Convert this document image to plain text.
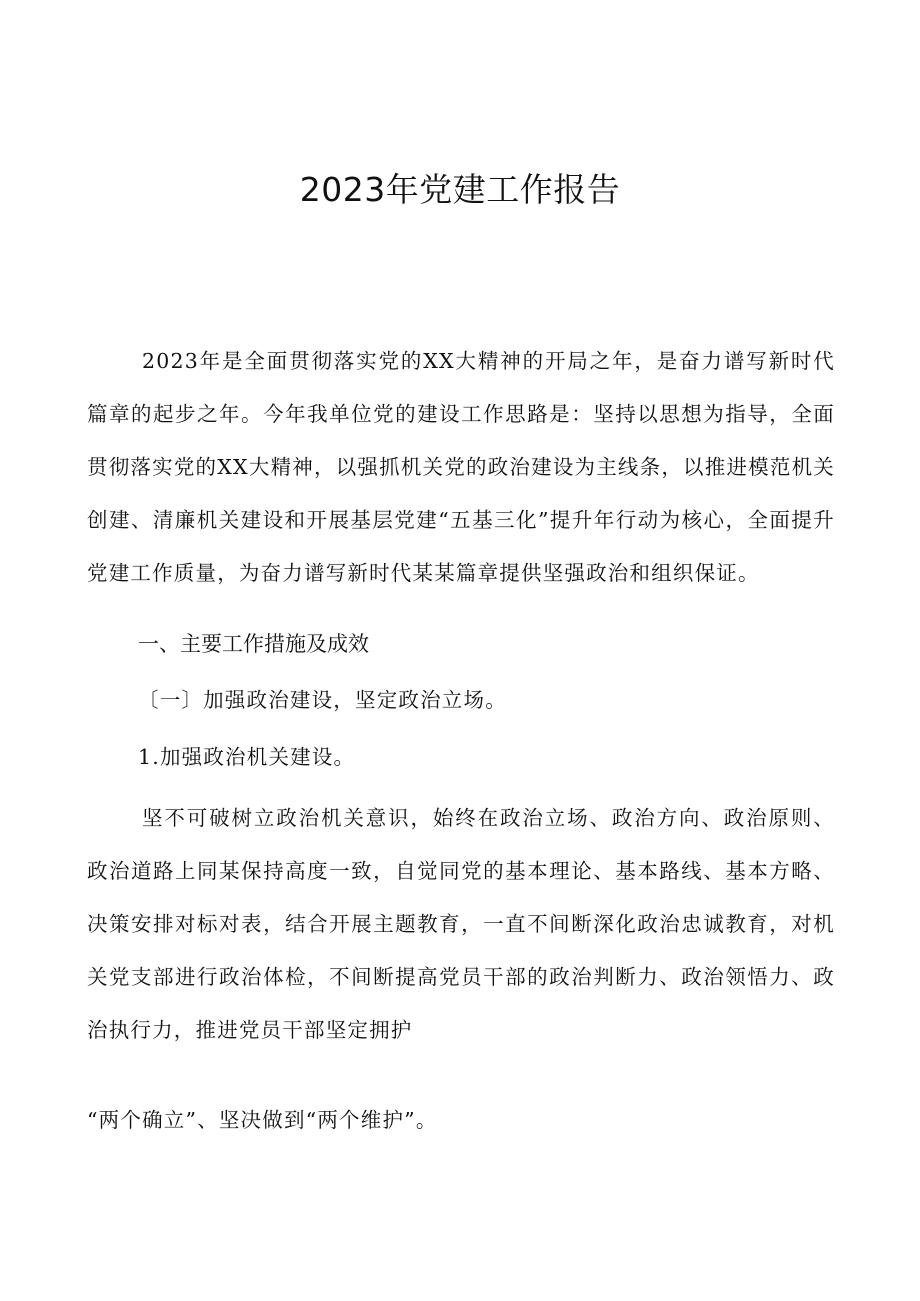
2023年党建工作报告

2023年是全面贯彻落实党的XX大精神的开局之年，是奋力谱写新时代篇章的起步之年。今年我单位党的建设工作思路是：坚持以思想为指导，全面贯彻落实党的XX大精神，以强抓机关党的政治建设为主线条，以推进模范机关创建、清廉机关建设和开展基层党建“五基三化”提升年行动为核心，全面提升党建工作质量，为奋力谱写新时代某某篇章提供坚强政治和组织保证。

一、主要工作措施及成效

〔一〕加强政治建设，坚定政治立场。

1.加强政治机关建设。

坚不可破树立政治机关意识，始终在政治立场、政治方向、政治原则、政治道路上同某保持高度一致，自觉同党的基本理论、基本路线、基本方略、决策安排对标对表，结合开展主题教育，一直不间断深化政治忠诚教育，对机关党支部进行政治体检，不间断提高党员干部的政治判断力、政治领悟力、政治执行力，推进党员干部坚定拥护

“两个确立”、坚决做到“两个维护”。
